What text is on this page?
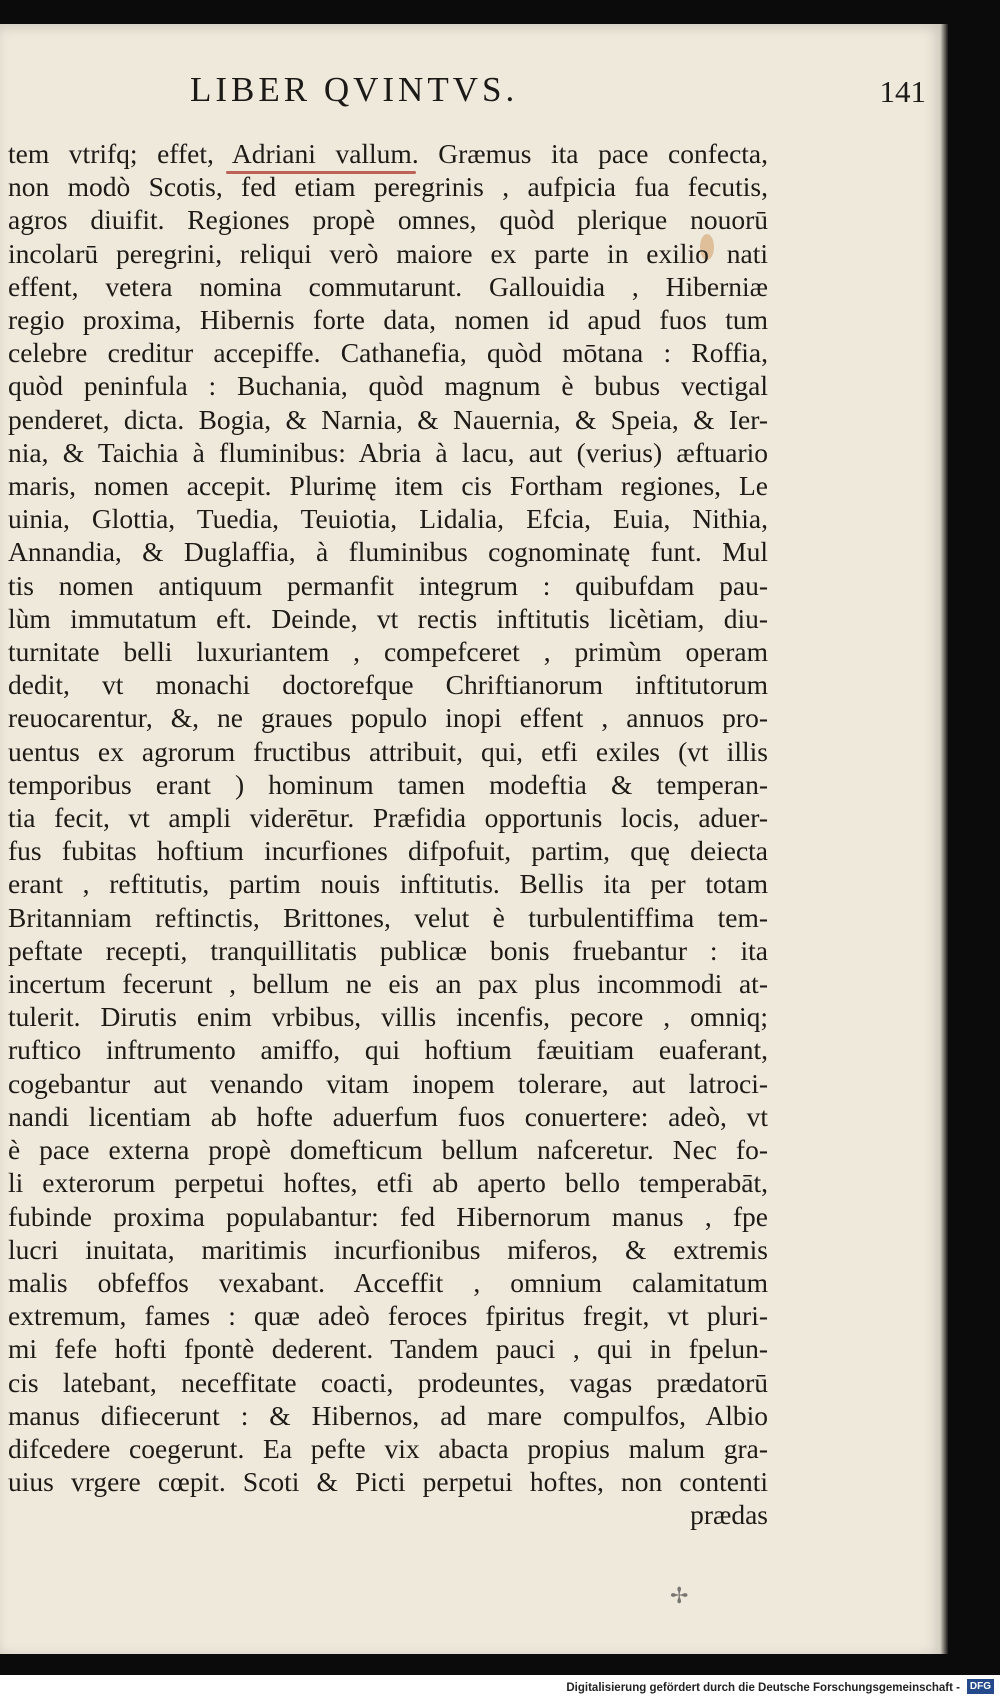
LIBER QVINTVS.	141
tem vtrifq; effet, Adriani vallum. Græmus ita pace confecta,
non modò Scotis, fed etiam peregrinis , aufpicia fua fecutis,
agros diuifit. Regiones propè omnes, quòd plerique nouorū
incolarū peregrini, reliqui verò maiore ex parte in exilio nati
effent, vetera nomina commutarunt. Gallouidia , Hiberniæ
regio proxima, Hibernis forte data, nomen id apud fuos tum
celebre creditur accepiffe. Cathanefia, quòd mōtana : Roffia,
quòd peninfula : Buchania, quòd magnum è bubus vectigal
penderet, dicta. Bogia, & Narnia, & Nauernia, & Speia, & Ier-
nia, & Taichia à fluminibus: Abria à lacu, aut (verius) æftuario
maris, nomen accepit. Plurimę item cis Fortham regiones, Le
uinia, Glottia, Tuedia, Teuiotia, Lidalia, Efcia, Euia, Nithia,
Annandia, & Duglaffia, à fluminibus cognominatę funt. Mul
tis nomen antiquum permanfit integrum : quibufdam pau-
lùm immutatum eft. Deinde, vt rectis inftitutis licètiam, diu-
turnitate belli luxuriantem , compefceret , primùm operam
dedit, vt monachi doctorefque Chriftianorum inftitutorum
reuocarentur, &, ne graues populo inopi effent , annuos pro-
uentus ex agrorum fructibus attribuit, qui, etfi exiles (vt illis
temporibus erant ) hominum tamen modeftia & temperan-
tia fecit, vt ampli viderētur. Præfidia opportunis locis, aduer-
fus fubitas hoftium incurfiones difpofuit, partim, quę deiecta
erant , reftitutis, partim nouis inftitutis. Bellis ita per totam
Britanniam reftinctis, Brittones, velut è turbulentiffima tem-
peftate recepti, tranquillitatis publicæ bonis fruebantur : ita
incertum fecerunt , bellum ne eis an pax plus incommodi at-
tulerit. Dirutis enim vrbibus, villis incenfis, pecore , omniq;
ruftico inftrumento amiffo, qui hoftium fæuitiam euaferant,
cogebantur aut venando vitam inopem tolerare, aut latroci-
nandi licentiam ab hofte aduerfum fuos conuertere: adeò, vt
è pace externa propè domefticum bellum nafceretur. Nec fo-
li exterorum perpetui hoftes, etfi ab aperto bello temperabāt,
fubinde proxima populabantur: fed Hibernorum manus , fpe
lucri inuitata, maritimis incurfionibus miferos, & extremis
malis obfeffos vexabant. Acceffit , omnium calamitatum
extremum, fames : quæ adeò feroces fpiritus fregit, vt pluri-
mi fefe hofti fpontè dederent. Tandem pauci , qui in fpelun-
cis latebant, neceffitate coacti, prodeuntes, vagas prædatorū
manus difiecerunt : & Hibernos, ad mare compulfos, Albio
difcedere coegerunt. Ea pefte vix abacta propius malum gra-
uius vrgere cœpit. Scoti & Picti perpetui hoftes, non contenti
prædas
✢
Digitalisierung gefördert durch die Deutsche Forschungsgemeinschaft - DFG
